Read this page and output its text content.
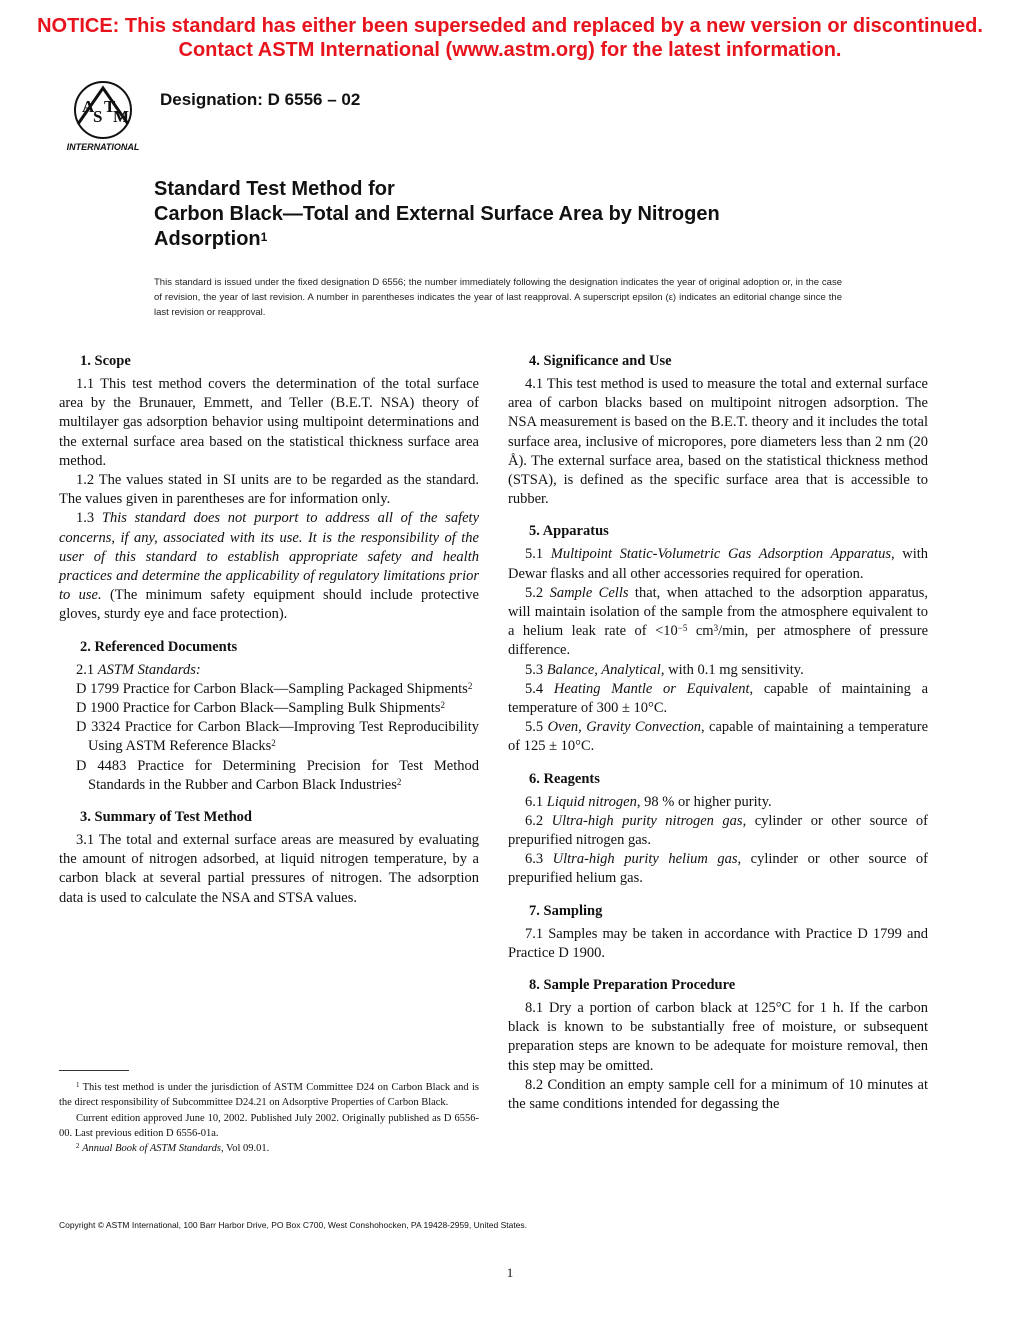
NOTICE: This standard has either been superseded and replaced by a new version or discontinued.
Contact ASTM International (www.astm.org) for the latest information.
A
S
T
M
INTERNATIONAL
Designation: D 6556 – 02
Standard Test Method for
Carbon Black—Total and External Surface Area by Nitrogen
Adsorption$^1$
This standard is issued under the fixed designation D 6556; the number immediately following the designation indicates the year of original adoption or, in the case of revision, the year of last revision. A number in parentheses indicates the year of last reapproval. A superscript epsilon (ε) indicates an editorial change since the last revision or reapproval.
1. Scope

1.1 This test method covers the determination of the total surface area by the Brunauer, Emmett, and Teller (B.E.T. NSA) theory of multilayer gas adsorption behavior using multipoint determinations and the external surface area based on the statistical thickness surface area method.

1.2 The values stated in SI units are to be regarded as the standard. The values given in parentheses are for information only.

1.3 This standard does not purport to address all of the safety concerns, if any, associated with its use. It is the responsibility of the user of this standard to establish appropriate safety and health practices and determine the applicability of regulatory limitations prior to use. (The minimum safety equipment should include protective gloves, sturdy eye and face protection).

2. Referenced Documents

2.1 ASTM Standards:

D 1799 Practice for Carbon Black—Sampling Packaged Shipments$^2$

D 1900 Practice for Carbon Black—Sampling Bulk Shipments$^2$

D 3324 Practice for Carbon Black—Improving Test Reproducibility Using ASTM Reference Blacks$^2$

D 4483 Practice for Determining Precision for Test Method Standards in the Rubber and Carbon Black Industries$^2$

3. Summary of Test Method

3.1 The total and external surface areas are measured by evaluating the amount of nitrogen adsorbed, at liquid nitrogen temperature, by a carbon black at several partial pressures of nitrogen. The adsorption data is used to calculate the NSA and STSA values.

$^1$ This test method is under the jurisdiction of ASTM Committee D24 on Carbon Black and is the direct responsibility of Subcommittee D24.21 on Adsorptive Properties of Carbon Black.

Current edition approved June 10, 2002. Published July 2002. Originally published as D 6556-00. Last previous edition D 6556-01a.

$^2$ Annual Book of ASTM Standards, Vol 09.01.

4. Significance and Use

4.1 This test method is used to measure the total and external surface area of carbon blacks based on multipoint nitrogen adsorption. The NSA measurement is based on the B.E.T. theory and it includes the total surface area, inclusive of micropores, pore diameters less than 2 nm (20 Å). The external surface area, based on the statistical thickness method (STSA), is defined as the specific surface area that is accessible to rubber.

5. Apparatus

5.1 Multipoint Static-Volumetric Gas Adsorption Apparatus, with Dewar flasks and all other accessories required for operation.

5.2 Sample Cells that, when attached to the adsorption apparatus, will maintain isolation of the sample from the atmosphere equivalent to a helium leak rate of $<10^{-5}$ $cm^3/\min$, per atmosphere of pressure difference.

5.3 Balance, Analytical, with 0.1 mg sensitivity.

5.4 Heating Mantle or Equivalent, capable of maintaining a temperature of 300 ± 10°C.

5.5 Oven, Gravity Convection, capable of maintaining a temperature of 125 ± 10°C.

6. Reagents

6.1 Liquid nitrogen, 98 % or higher purity.

6.2 Ultra-high purity nitrogen gas, cylinder or other source of prepurified nitrogen gas.

6.3 Ultra-high purity helium gas, cylinder or other source of prepurified helium gas.

7. Sampling

7.1 Samples may be taken in accordance with Practice D 1799 and Practice D 1900.

8. Sample Preparation Procedure

8.1 Dry a portion of carbon black at 125°C for 1 h. If the carbon black is known to be substantially free of moisture, or subsequent preparation steps are known to be adequate for moisture removal, then this step may be omitted.

8.2 Condition an empty sample cell for a minimum of 10 minutes at the same conditions intended for degassing the

Copyright © ASTM International, 100 Barr Harbor Drive, PO Box C700, West Conshohocken, PA 19428-2959, United States.
1
